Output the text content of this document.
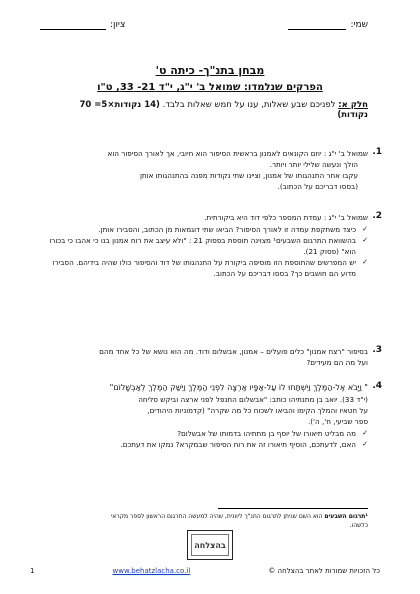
שמי:
ציון:
מבחן בתנ"ך- כיתה ט'
הפרקים שנלמדו: שמואל ב' י"ג, י"ד 21- 33, ט"ו
חלק א: לפניכם שבע שאלות, ענו על חמש שאלות בלבד. (14 נקודות×5= 70 נקודות)
1.

שמואל ב' י"ג : יוזם הקונאים לאמנון בראשית הסיפור הוא חיובי, אך לאורך הסיפור הוא

הולך ונעשה שלילי יותר ויותר.

עקבו אחר התנהגותו של אמנון, וציינו שתי נקודות מפנה בהתנהגותו אותן

(בססו דבריכם על הכתוב).

2.

שמואל ב' י"ג : עמדת המספר כלפי דוד היא ביקורתית.

✓ כיצד משתקפת עמדה זו לאורך הסיפור? הביאו שתי דוגמאות מן הכתוב, והסבירו אותן.
✓ בהשוואת התרגום השבעים¹ מצוינה תוספת בפסוק 21 : "ולא עיצב את רוח אמנון בנו כי אהבו כי בכורו הוא" (פסוק 21).
✓ יש המפרשים שהתוספת הזו מוסיפה ביקורת על התנהגותו של דוד והסיפור כולו שהיה בידיהם. הסבירו מדוע הם חושבים כך? בססו דבריכם על הכתוב.
3.

בסיפור "רצח אמנון" כלים פועלים – אמנון, אבשלום ודוד. מה הוא נושא של כל אחד מהם

ועל מה הם מעידים?

4.

" וַיָּבֹא אֶל-הַמֶּלֶךְ וַיִּשְׁתַּחוּ לוֹ עַל-אַפָּיו אַרְצָה לִפְנֵי הַמֶּלֶךְ וַיִּשַּׁק הַמֶּלֶךְ לְאַבְשָׁלוֹם"

(י"ד 33). יואב בן מתנתיהו כותב: "אבשלום התנפל לפני ארצה וביקש סליחה

על חטאיו והמלך הקימו והביאו לשכוח כל מה שקרה" (קדמוניות היהודים,

ספר שביעי, ח', ה').

✓ מה מבליט תיאורו של יוסף בן מתתיהו בדמותו של אבשלום?
✓ האם, לדעתכם, הוסיף תיאורו זה את רוח הסיפור שבמקרא? נמקו את דעתכם.
¹תרגום השבעים הוא השם שניתן לתרגום התנ"ך ליוונית, שהיה למעשה התרגום הראשון לספר מקראי כלשהו.
בהצלחה
כל הזכויות שמורות לאתר בהצלחה ©
www.behatzlacha.co.il
1
